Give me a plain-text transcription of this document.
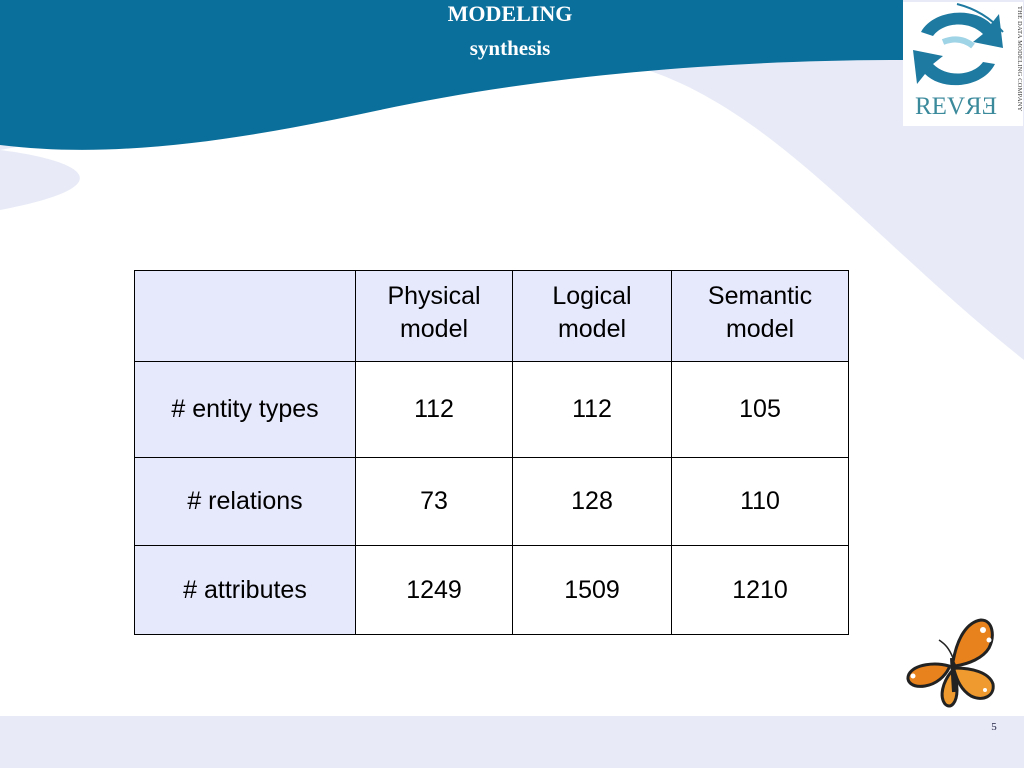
MODELING
synthesis
REVER	THE DATA MODELING COMPANY
	Physical model	Logical model	Semantic model
# entity types	112	112	105
# relations	73	128	110
# attributes	1249	1509	1210
5
